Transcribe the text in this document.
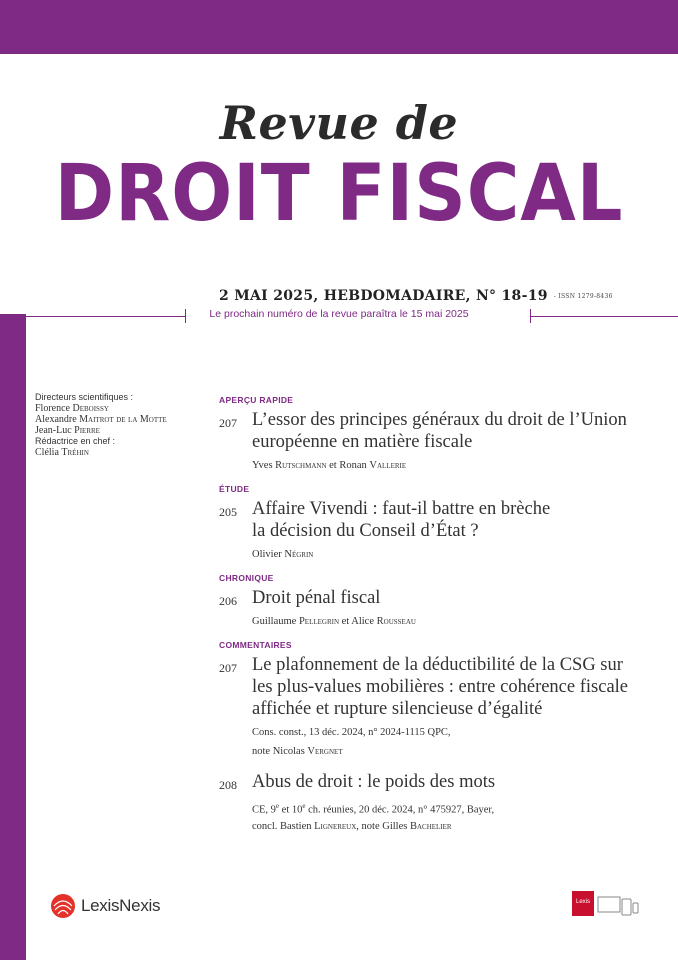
Revue de
DROIT FISCAL
2 MAI 2025, HEBDOMADAIRE, N° 18-19 - ISSN 1279-8436
Le prochain numéro de la revue paraîtra le 15 mai 2025
Directeurs scientifiques :
Florence Deboissy
Alexandre Maitrot de la Motte
Jean-Luc Pierre
Rédactrice en chef :
Clélia Tréhin
APERÇU RAPIDE
207 L’essor des principes généraux du droit de l’Union
européenne en matière fiscale
Yves Rutschmann et Ronan Vallerie
ÉTUDE
205 Affaire Vivendi : faut-il battre en brèche
la décision du Conseil d’État ?
Olivier Négrin
CHRONIQUE
206 Droit pénal fiscal
Guillaume Pellegrin et Alice Rousseau
COMMENTAIRES
207 Le plafonnement de la déductibilité de la CSG sur
les plus-values mobilières : entre cohérence fiscale
affichée et rupture silencieuse d’égalité
Cons. const., 13 déc. 2024, n° 2024-1115 QPC,
note Nicolas Vergnet
208 Abus de droit : le poids des mots
CE, 9e et 10e ch. réunies, 20 déc. 2024, n° 475927, Bayer,
concl. Bastien Lignereux, note Gilles Bachelier
LexisNexis	Lexis
